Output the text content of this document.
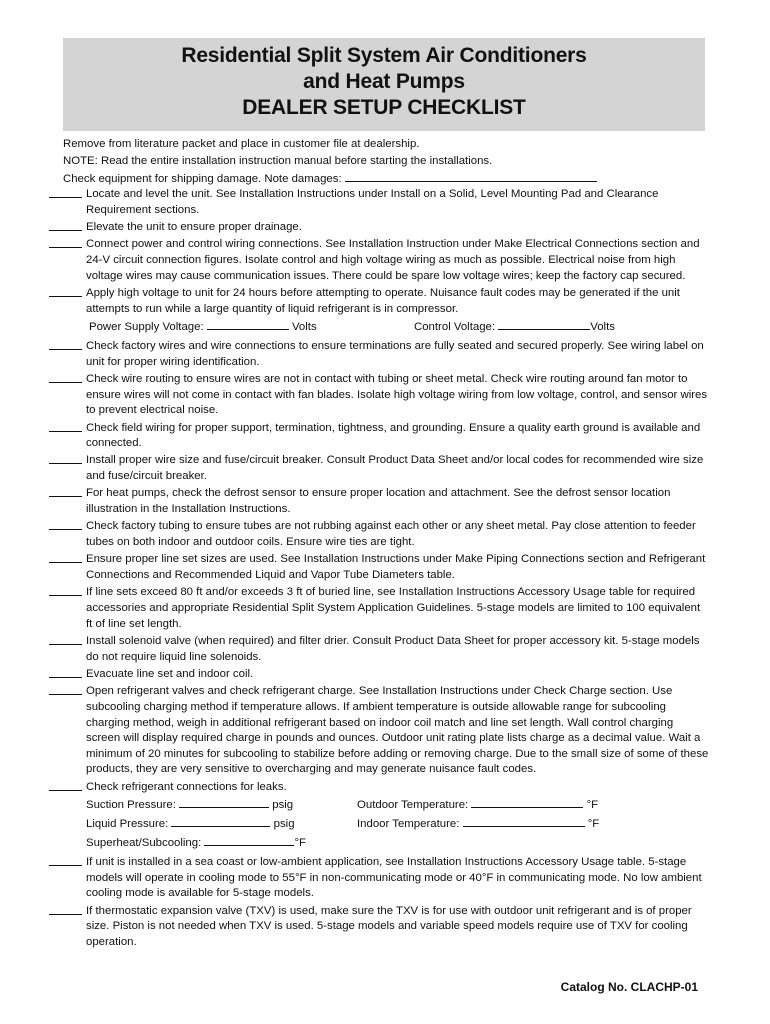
Residential Split System Air Conditioners
and Heat Pumps
DEALER SETUP CHECKLIST
Remove from literature packet and place in customer file at dealership.
NOTE: Read the entire installation instruction manual before starting the installations.
Check equipment for shipping damage. Note damages:
Locate and level the unit. See Installation Instructions under Install on a Solid, Level Mounting Pad and Clearance Requirement sections.
Elevate the unit to ensure proper drainage.
Connect power and control wiring connections. See Installation Instruction under Make Electrical Connections section and 24-V circuit connection figures. Isolate control and high voltage wiring as much as possible. Electrical noise from high voltage wires may cause communication issues. There could be spare low voltage wires; keep the factory cap secured.
Apply high voltage to unit for 24 hours before attempting to operate. Nuisance fault codes may be generated if the unit attempts to run while a large quantity of liquid refrigerant is in compressor.
Power Supply Voltage:	Volts	Control Voltage:	Volts
Check factory wires and wire connections to ensure terminations are fully seated and secured properly. See wiring label on unit for proper wiring identification.
Check wire routing to ensure wires are not in contact with tubing or sheet metal. Check wire routing around fan motor to ensure wires will not come in contact with fan blades. Isolate high voltage wiring from low voltage, control, and sensor wires to prevent electrical noise.
Check field wiring for proper support, termination, tightness, and grounding. Ensure a quality earth ground is available and connected.
Install proper wire size and fuse/circuit breaker. Consult Product Data Sheet and/or local codes for recommended wire size and fuse/circuit breaker.
For heat pumps, check the defrost sensor to ensure proper location and attachment. See the defrost sensor location illustration in the Installation Instructions.
Check factory tubing to ensure tubes are not rubbing against each other or any sheet metal. Pay close attention to feeder tubes on both indoor and outdoor coils. Ensure wire ties are tight.
Ensure proper line set sizes are used. See Installation Instructions under Make Piping Connections section and Refrigerant Connections and Recommended Liquid and Vapor Tube Diameters table.
If line sets exceed 80 ft and/or exceeds 3 ft of buried line, see Installation Instructions Accessory Usage table for required accessories and appropriate Residential Split System Application Guidelines. 5-stage models are limited to 100 equivalent ft of line set length.
Install solenoid valve (when required) and filter drier. Consult Product Data Sheet for proper accessory kit. 5-stage models do not require liquid line solenoids.
Evacuate line set and indoor coil.
Open refrigerant valves and check refrigerant charge. See Installation Instructions under Check Charge section. Use subcooling charging method if temperature allows. If ambient temperature is outside allowable range for subcooling charging method, weigh in additional refrigerant based on indoor coil match and line set length. Wall control charging screen will display required charge in pounds and ounces. Outdoor unit rating plate lists charge as a decimal value. Wait a minimum of 20 minutes for subcooling to stabilize before adding or removing charge. Due to the small size of some of these products, they are very sensitive to overcharging and may generate nuisance fault codes.
Check refrigerant connections for leaks.
Suction Pressure:	psig	Outdoor Temperature:	°F
Liquid Pressure:	psig	Indoor Temperature:	°F
Superheat/Subcooling:	°F
If unit is installed in a sea coast or low-ambient application, see Installation Instructions Accessory Usage table. 5-stage models will operate in cooling mode to 55°F in non-communicating mode or 40°F in communicating mode. No low ambient cooling mode is available for 5-stage models.
If thermostatic expansion valve (TXV) is used, make sure the TXV is for use with outdoor unit refrigerant and is of proper size. Piston is not needed when TXV is used. 5-stage models and variable speed models require use of TXV for cooling operation.
Catalog No. CLACHP-01
